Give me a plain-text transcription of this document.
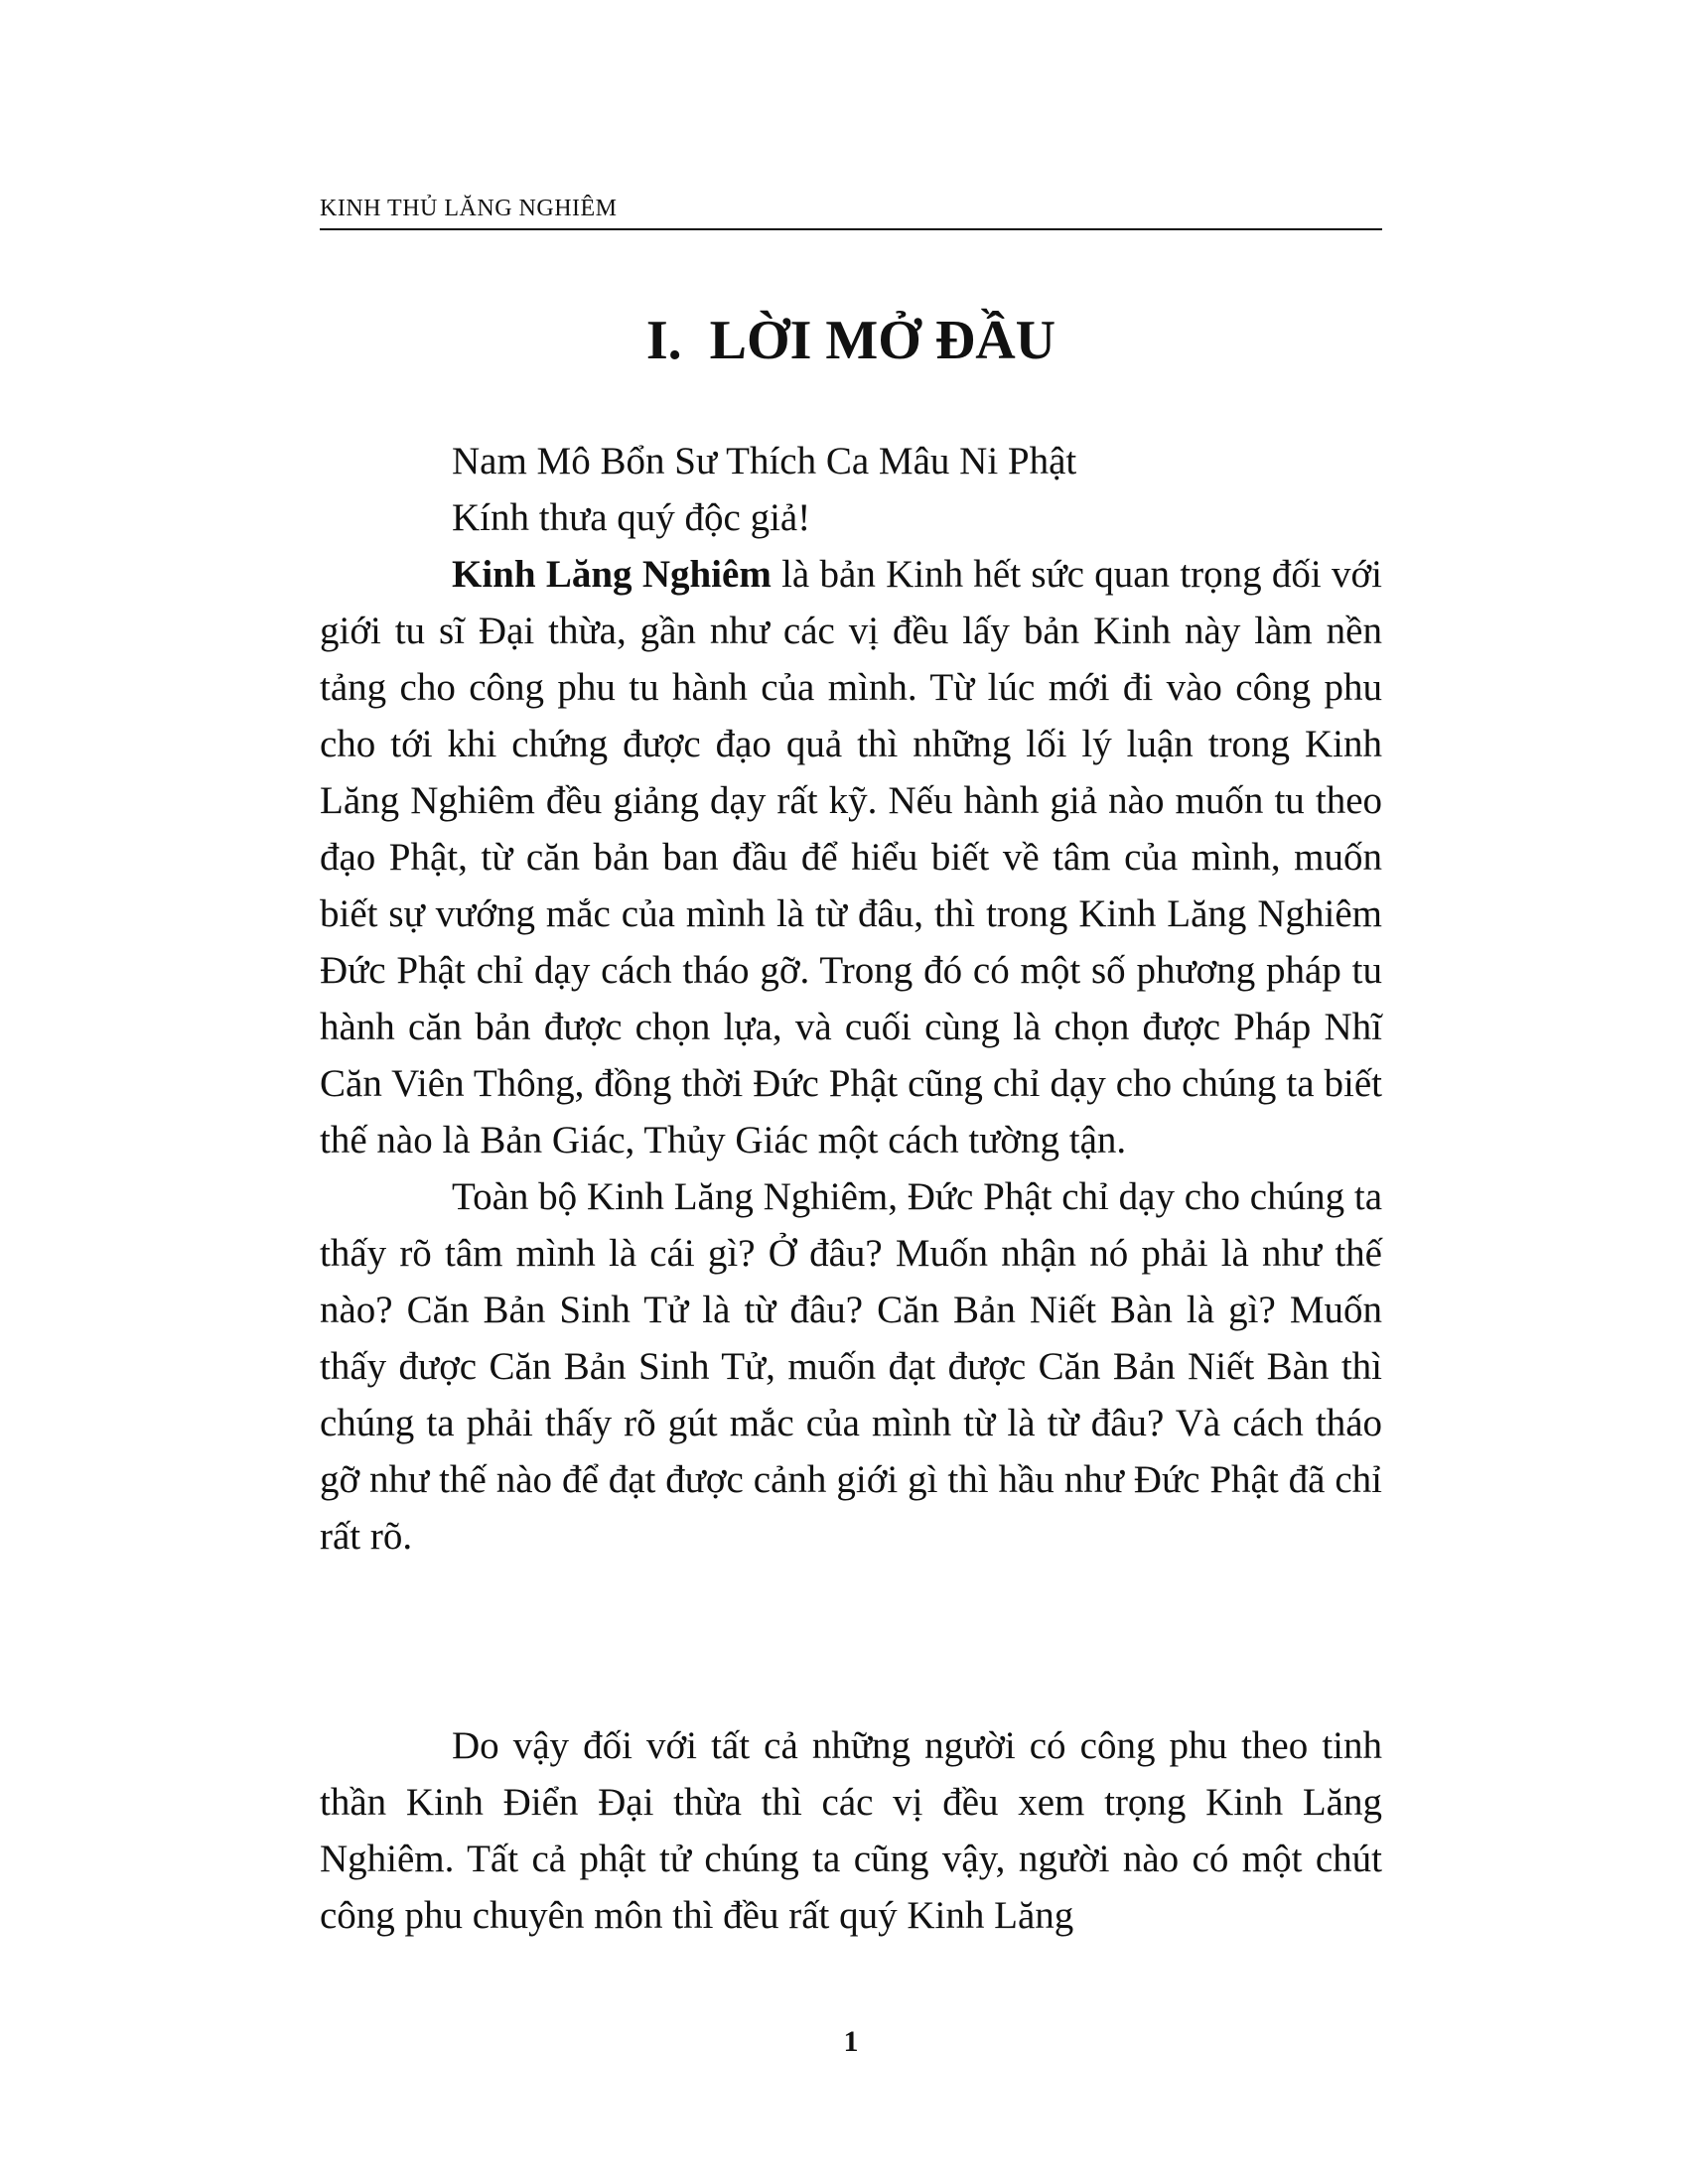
KINH THỦ LĂNG NGHIÊM
I.  LỜI MỞ ĐẦU

Nam Mô Bổn Sư Thích Ca Mâu Ni Phật

Kính thưa quý độc giả!

Kinh Lăng Nghiêm là bản Kinh hết sức quan trọng đối với giới tu sĩ Đại thừa, gần như các vị đều lấy bản Kinh này làm nền tảng cho công phu tu hành của mình. Từ lúc mới đi vào công phu cho tới khi chứng được đạo quả thì những lối lý luận trong Kinh Lăng Nghiêm đều giảng dạy rất kỹ. Nếu hành giả nào muốn tu theo đạo Phật, từ căn bản ban đầu để hiểu biết về tâm của mình, muốn biết sự vướng mắc của mình là từ đâu, thì trong Kinh Lăng Nghiêm Đức Phật chỉ dạy cách tháo gỡ. Trong đó có một số phương pháp tu hành căn bản được chọn lựa, và cuối cùng là chọn được Pháp Nhĩ Căn Viên Thông, đồng thời Đức Phật cũng chỉ dạy cho chúng ta biết thế nào là Bản Giác, Thủy Giác một cách tường tận.

Toàn bộ Kinh Lăng Nghiêm, Đức Phật chỉ dạy cho chúng ta thấy rõ tâm mình là cái gì? Ở đâu? Muốn nhận nó phải là như thế nào? Căn Bản Sinh Tử là từ đâu? Căn Bản Niết Bàn là gì? Muốn thấy được Căn Bản Sinh Tử, muốn đạt được Căn Bản Niết Bàn thì chúng ta phải thấy rõ gút mắc của mình từ là từ đâu? Và cách tháo gỡ như thế nào để đạt được cảnh giới gì thì hầu như Đức Phật đã chỉ rất rõ.

Do vậy đối với tất cả những người có công phu theo tinh thần Kinh Điển Đại thừa thì các vị đều xem trọng Kinh Lăng Nghiêm. Tất cả phật tử chúng ta cũng vậy, người nào có một chút công phu chuyên môn thì đều rất quý Kinh Lăng

1
